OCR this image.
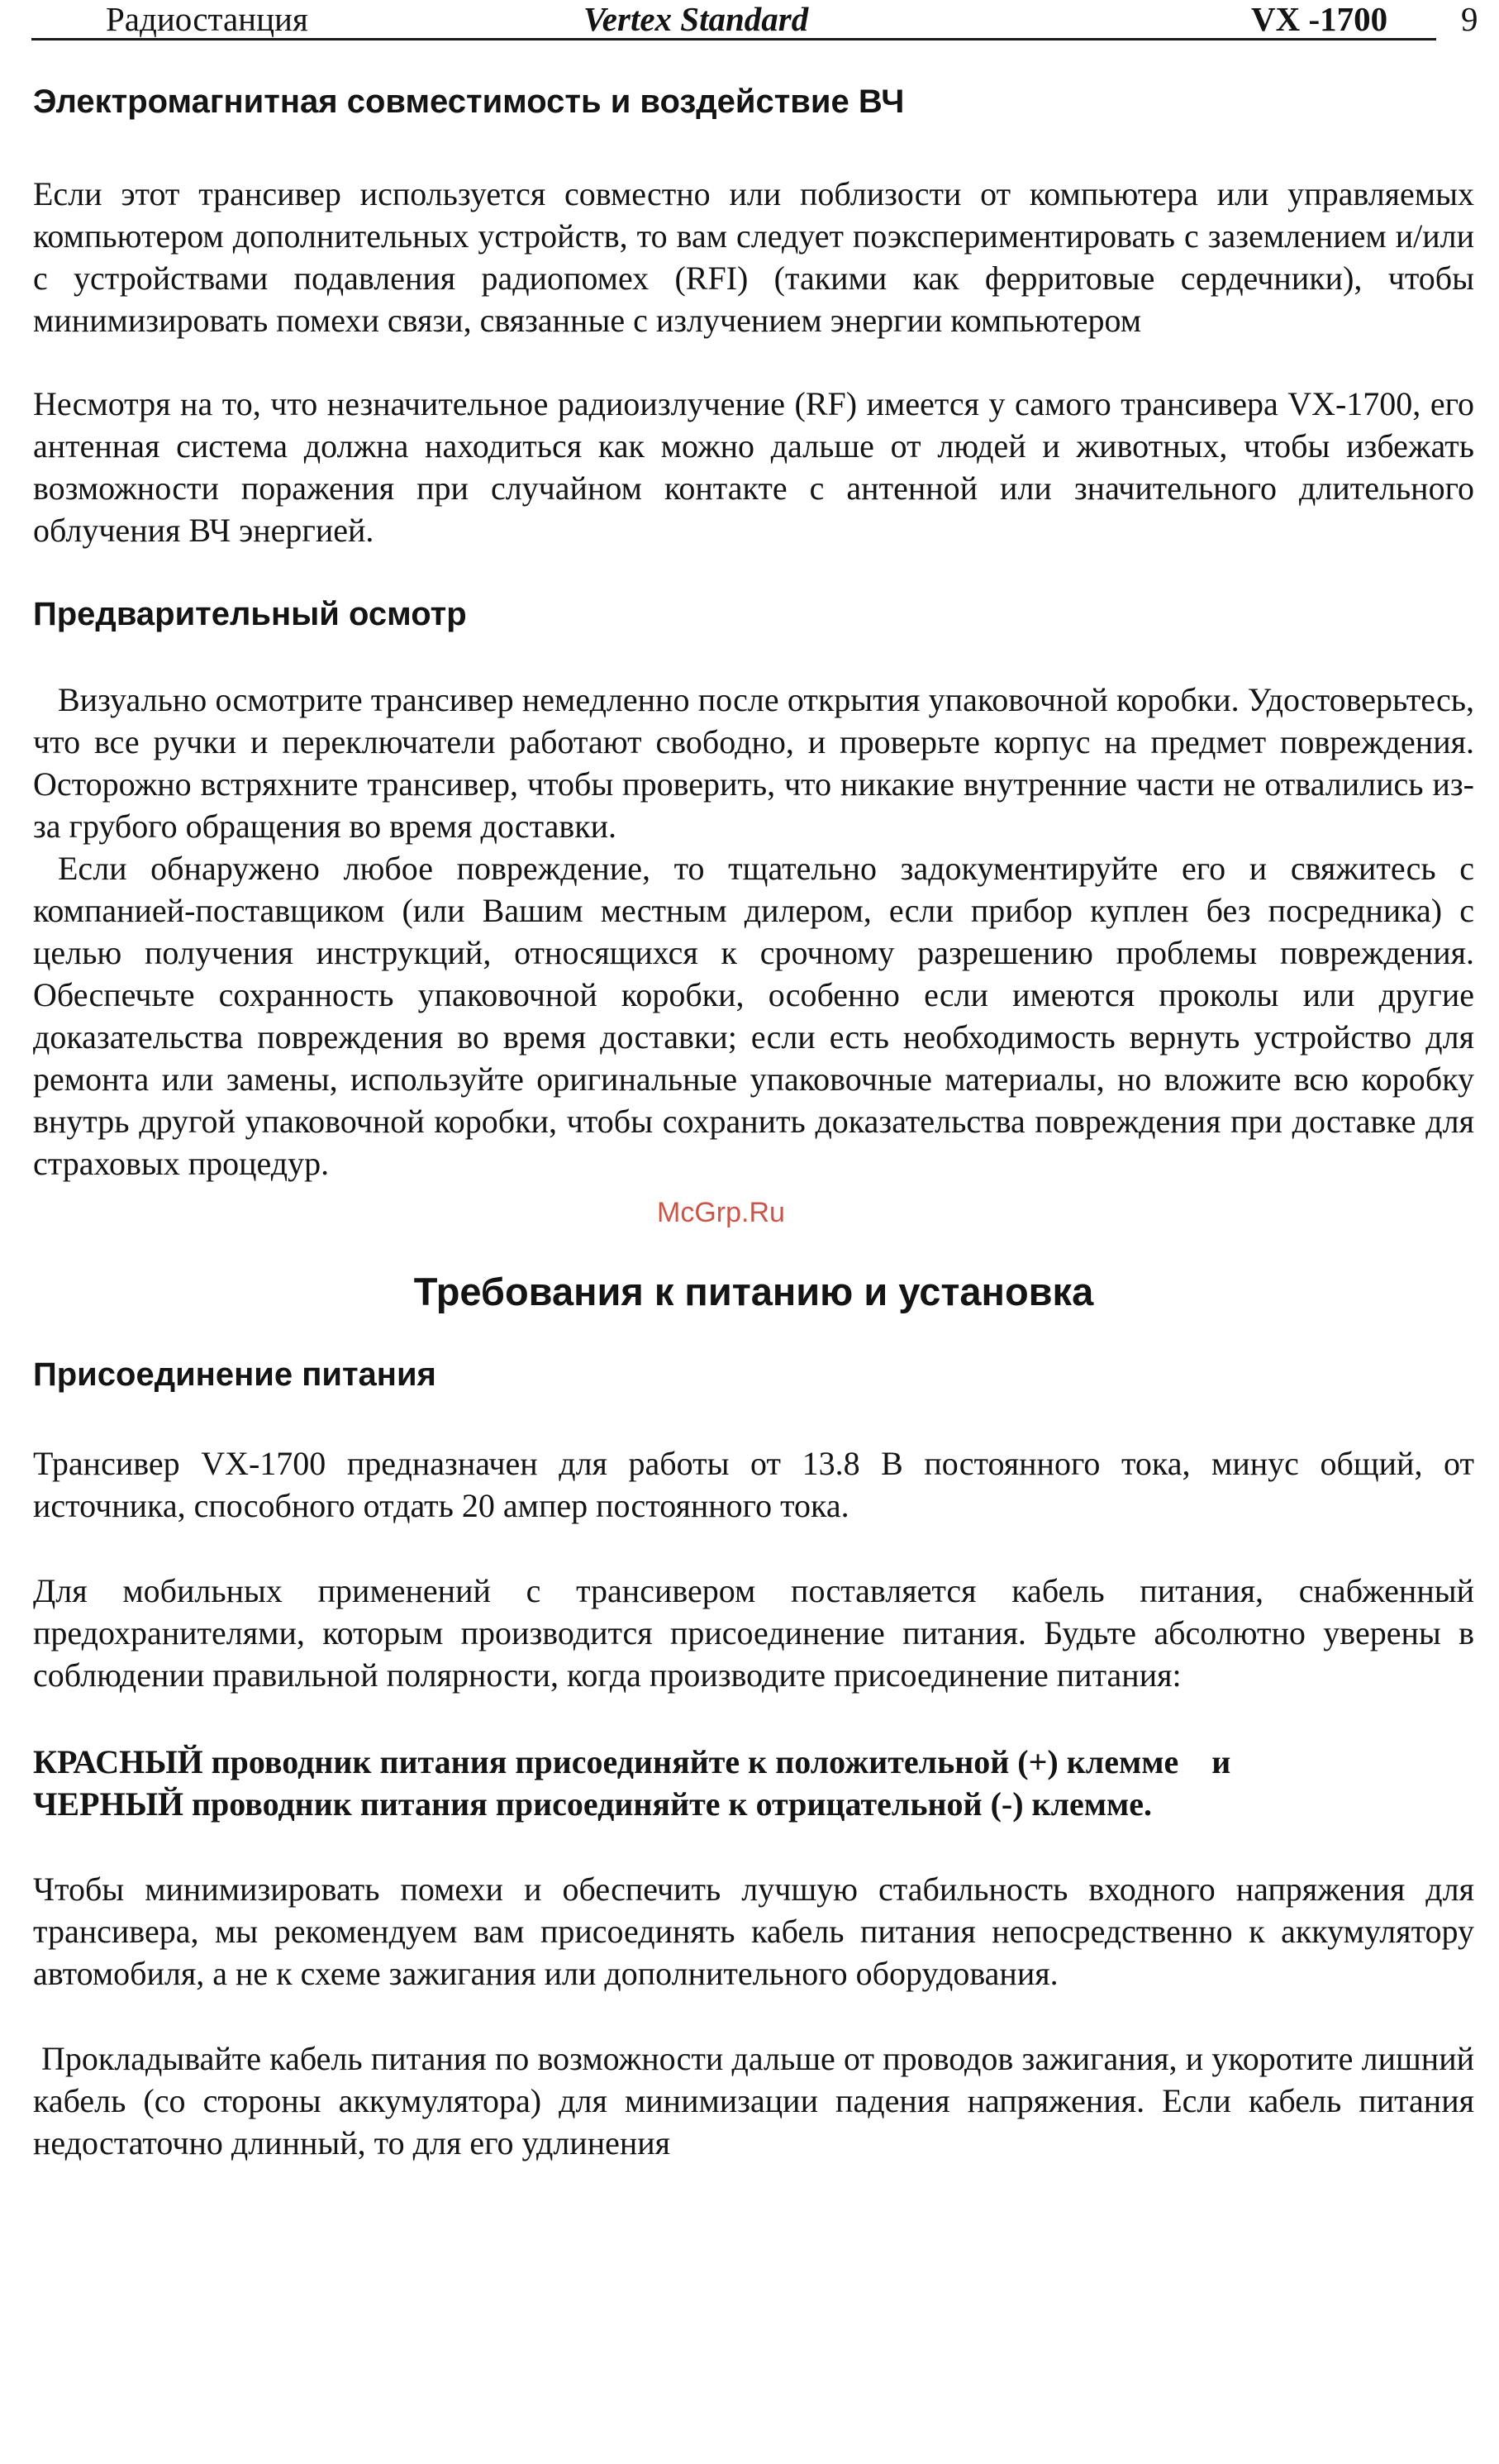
Радиостанция	Vertex Standard	VX -1700 9
Электромагнитная совместимость и воздействие ВЧ

Если этот трансивер используется совместно или поблизости от компьютера или управляемых компьютером дополнительных устройств, то вам следует поэкспериментировать с заземлением и/или с устройствами подавления радиопомех (RFI) (такими как ферритовые сердечники), чтобы минимизировать помехи связи, связанные с излучением энергии компьютером

Несмотря на то, что незначительное радиоизлучение (RF) имеется у самого трансивера VX-1700, его антенная система должна находиться как можно дальше от людей и животных, чтобы избежать возможности поражения при случайном контакте с антенной или значительного длительного облучения ВЧ энергией.

Предварительный осмотр

Визуально осмотрите трансивер немедленно после открытия упаковочной коробки. Удостоверьтесь, что все ручки и переключатели работают свободно, и проверьте корпус на предмет повреждения. Осторожно встряхните трансивер, чтобы проверить, что никакие внутренние части не отвалились из-за грубого обращения во время доставки.

Если обнаружено любое повреждение, то тщательно задокументируйте его и свяжитесь с компанией-поставщиком (или Вашим местным дилером, если прибор куплен без посредника) с целью получения инструкций, относящихся к срочному разрешению проблемы повреждения. Обеспечьте сохранность упаковочной коробки, особенно если имеются проколы или другие доказательства повреждения во время доставки; если есть необходимость вернуть устройство для ремонта или замены, используйте оригинальные упаковочные материалы, но вложите всю коробку внутрь другой упаковочной коробки, чтобы сохранить доказательства повреждения при доставке для страховых процедур.

Требования к питанию и установка
Присоединение питания

Трансивер VX-1700 предназначен для работы от 13.8 В постоянного тока, минус общий, от источника, способного отдать 20 ампер постоянного тока.

Для мобильных применений с трансивером поставляется кабель питания, снабженный предохранителями, которым производится присоединение питания. Будьте абсолютно уверены в соблюдении правильной полярности, когда производите присоединение питания:

КРАСНЫЙ проводник питания присоединяйте к положительной (+) клемме    и

ЧЕРНЫЙ проводник питания присоединяйте к отрицательной (-) клемме.

Чтобы минимизировать помехи и обеспечить лучшую стабильность входного напряжения для трансивера, мы рекомендуем вам присоединять кабель питания непосредственно к аккумулятору автомобиля, а не к схеме зажигания или дополнительного оборудования.

Прокладывайте кабель питания по возможности дальше от проводов зажигания, и укоротите лишний кабель (со стороны аккумулятора) для минимизации падения напряжения. Если кабель питания недостаточно длинный, то для его удлинения

McGrp.Ru
